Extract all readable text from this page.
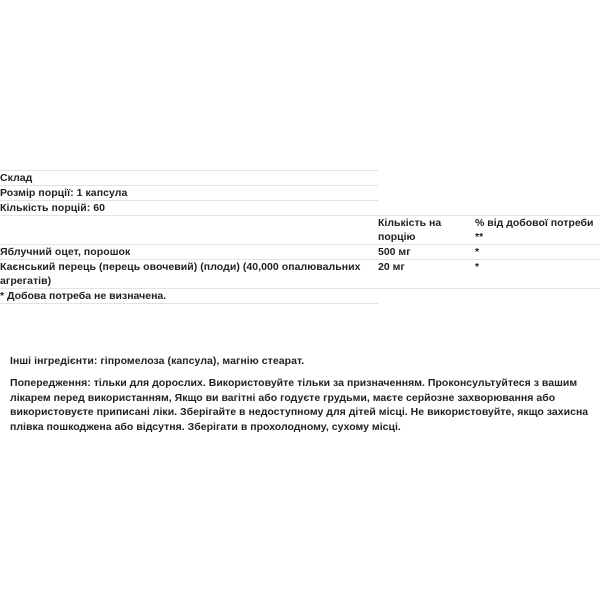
Склад		
Розмір порції: 1 капсула		
Кількість порцій: 60		
	Кількість на порцію	% від добової потреби **
Яблучний оцет, порошок	500 мг	*
Каєнський перець (перець овочевий) (плоди) (40,000 опалювальних агрегатів)	20 мг	*
* Добова потреба не визначена.		
Інші інгредієнти: гіпромелоза (капсула), магнію стеарат.
Попередження: тільки для дорослих. Використовуйте тільки за призначенням. Проконсультуйтеся з вашим лікарем перед використанням, Якщо ви вагітні або годуєте грудьми, маєте серйозне захворювання або використовуєте приписані ліки. Зберігайте в недоступному для дітей місці. Не використовуйте, якщо захисна плівка пошкоджена або відсутня. Зберігати в прохолодному, сухому місці.
